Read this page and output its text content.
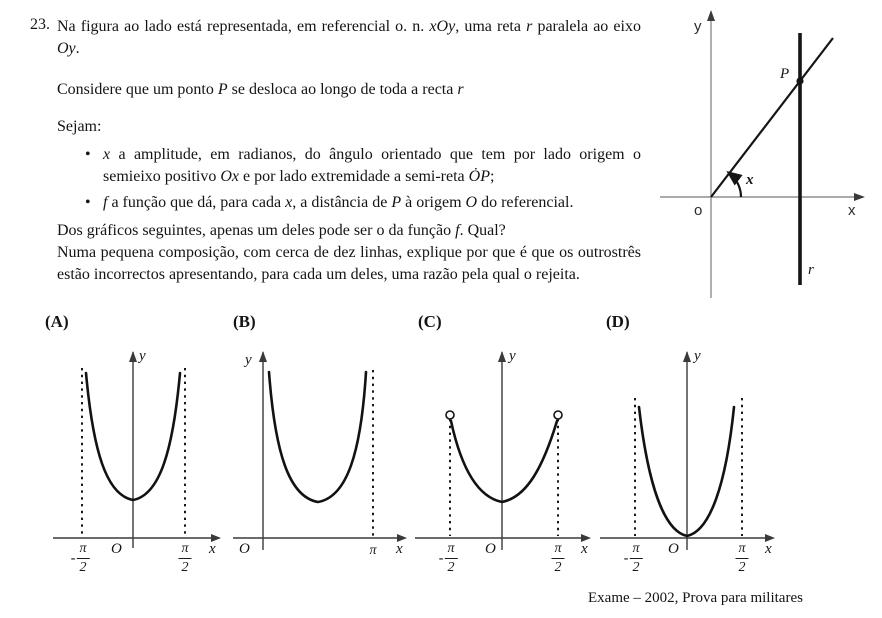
23. Na figura ao lado está representada, em referencial o. n. xOy, uma reta r paralela ao eixo Oy.

Considere que um ponto P se desloca ao longo de toda a recta r

Sejam:

• x a amplitude, em radianos, do ângulo orientado que tem por lado origem o semieixo positivo Ox e por lado extremidade a semi-reta ȮP;

• f a função que dá, para cada x, a distância de P à origem O do referencial.

Dos gráficos seguintes, apenas um deles pode ser o da função f. Qual?

Numa pequena composição, com cerca de dez linhas, explique por que é que os outrostrês estão incorrectos apresentando, para cada um deles, uma razão pela qual o rejeita.

y
x
o
P
r
x
(A)	(B)	(C)	(D)
y
x
O
- $\frac{\pi}{2}$	$\frac{\pi}{2}$
y
x
O	π
y
x
O
- $\frac{\pi}{2}$	$\frac{\pi}{2}$
y
x
O
- $\frac{\pi}{2}$	$\frac{\pi}{2}$
Exame – 2002, Prova para militares
